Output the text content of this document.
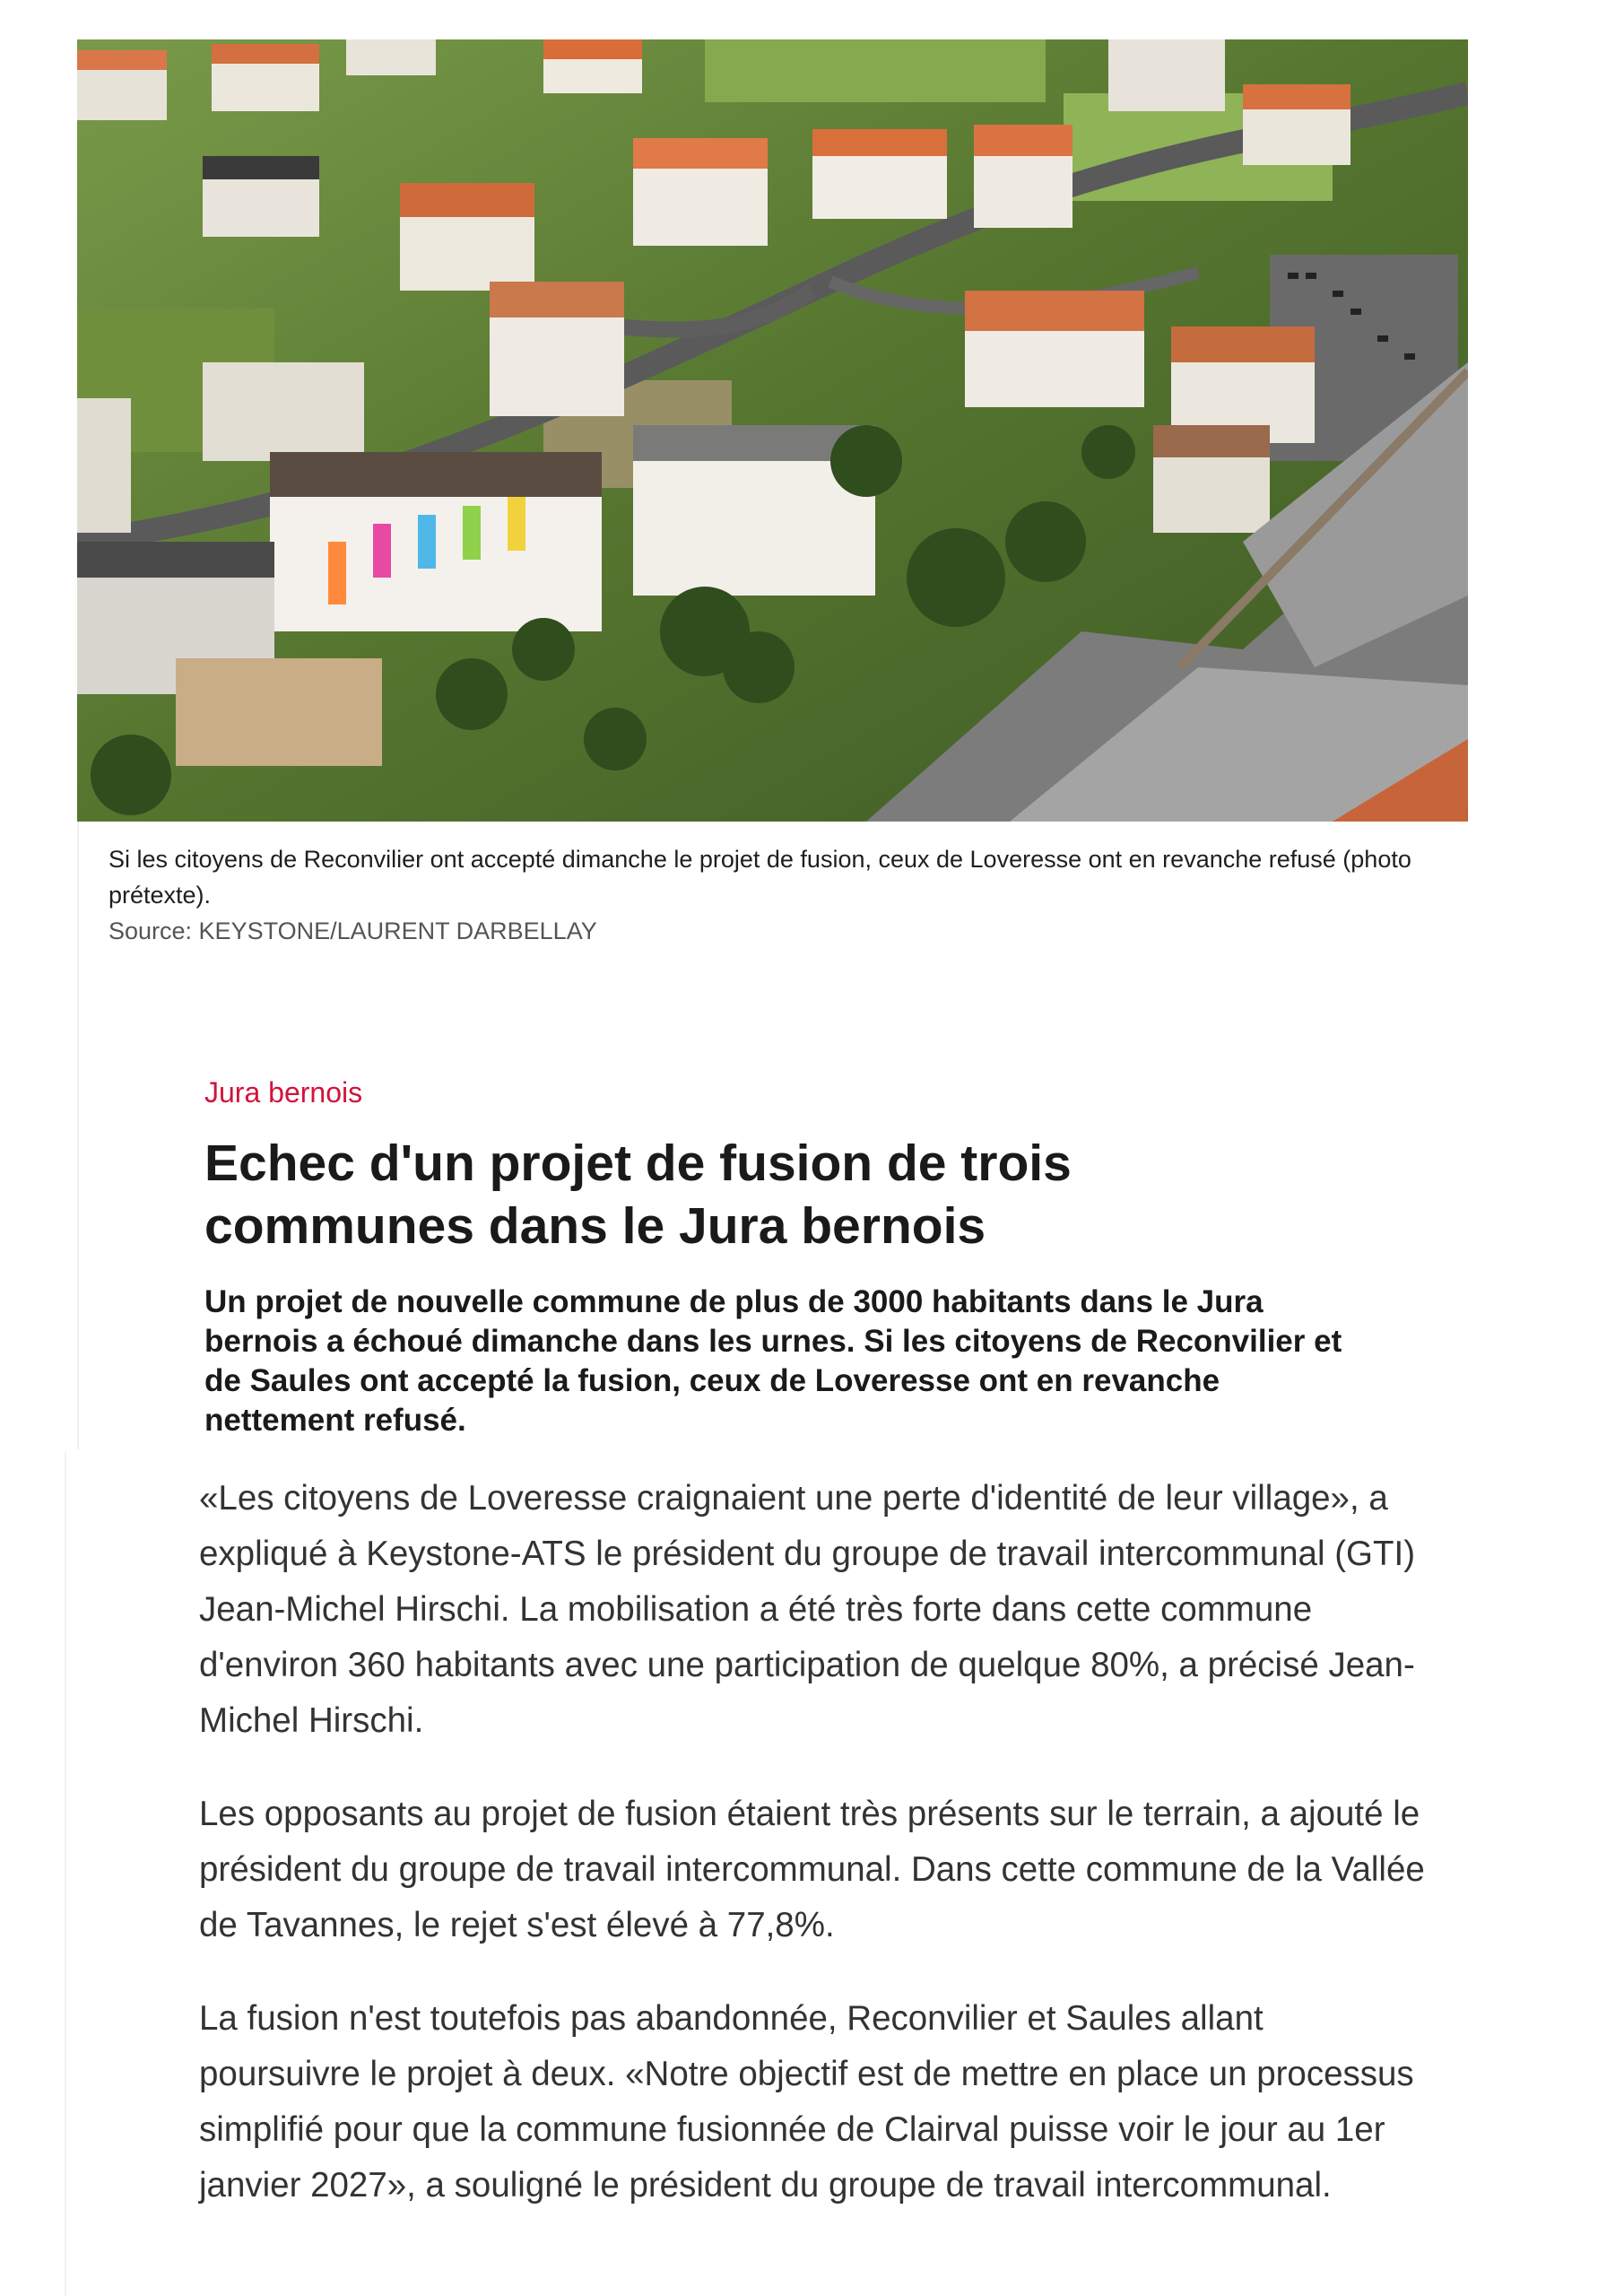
Si les citoyens de Reconvilier ont accepté dimanche le projet de fusion, ceux de Loveresse ont en revanche refusé (photo prétexte).

Source: KEYSTONE/LAURENT DARBELLAY

Jura bernois

Echec d'un projet de fusion de trois communes dans le Jura bernois

Un projet de nouvelle commune de plus de 3000 habitants dans le Jura bernois a échoué dimanche dans les urnes. Si les citoyens de Reconvilier et de Saules ont accepté la fusion, ceux de Loveresse ont en revanche nettement refusé.

«Les citoyens de Loveresse craignaient une perte d'identité de leur village», a expliqué à Keystone-ATS le président du groupe de travail intercommunal (GTI) Jean-Michel Hirschi. La mobilisation a été très forte dans cette commune d'environ 360 habitants avec une participation de quelque 80%, a précisé Jean-Michel Hirschi.

Les opposants au projet de fusion étaient très présents sur le terrain, a ajouté le président du groupe de travail intercommunal. Dans cette commune de la Vallée de Tavannes, le rejet s'est élevé à 77,8%.

La fusion n'est toutefois pas abandonnée, Reconvilier et Saules allant poursuivre le projet à deux. «Notre objectif est de mettre en place un processus simplifié pour que la commune fusionnée de Clairval puisse voir le jour au 1er janvier 2027», a souligné le président du groupe de travail intercommunal.
